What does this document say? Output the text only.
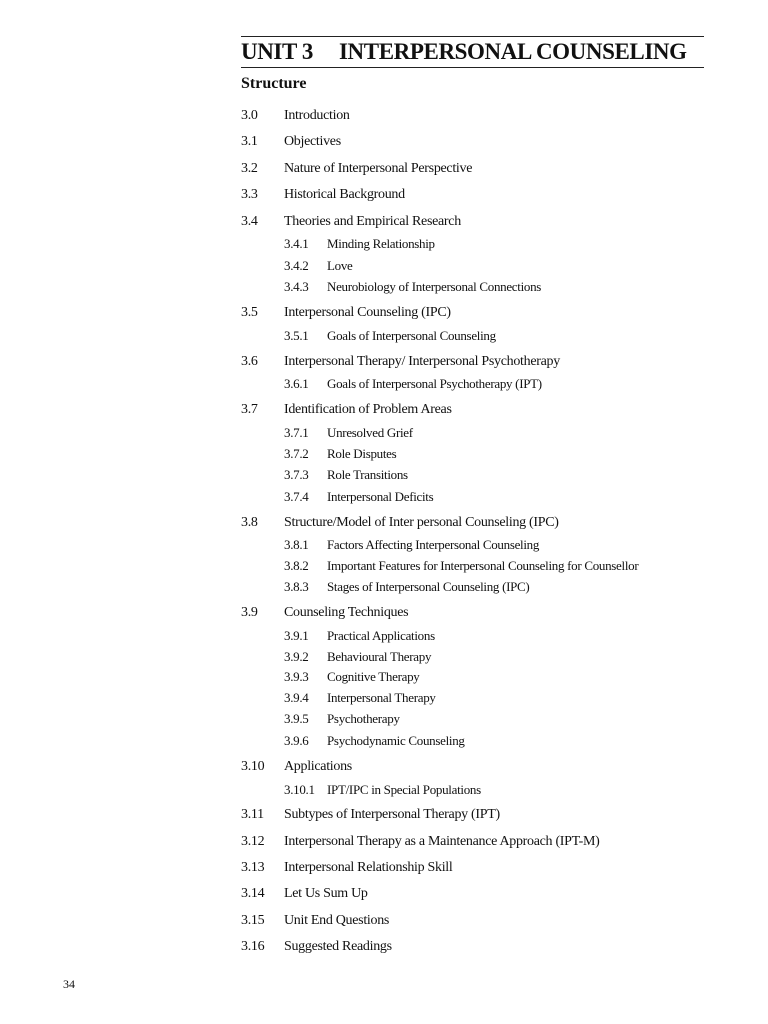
UNIT 3 INTERPERSONAL COUNSELING
Structure
3.0 Introduction
3.1 Objectives
3.2 Nature of Interpersonal Perspective
3.3 Historical Background
3.4 Theories and Empirical Research
3.4.1 Minding Relationship
3.4.2 Love
3.4.3 Neurobiology of Interpersonal Connections
3.5 Interpersonal Counseling (IPC)
3.5.1 Goals of Interpersonal Counseling
3.6 Interpersonal Therapy/ Interpersonal Psychotherapy
3.6.1 Goals of Interpersonal Psychotherapy (IPT)
3.7 Identification of Problem Areas
3.7.1 Unresolved Grief
3.7.2 Role Disputes
3.7.3 Role Transitions
3.7.4 Interpersonal Deficits
3.8 Structure/Model of Inter personal Counseling (IPC)
3.8.1 Factors Affecting Interpersonal Counseling
3.8.2 Important Features for Interpersonal Counseling for Counsellor
3.8.3 Stages of Interpersonal Counseling (IPC)
3.9 Counseling Techniques
3.9.1 Practical Applications
3.9.2 Behavioural Therapy
3.9.3 Cognitive Therapy
3.9.4 Interpersonal Therapy
3.9.5 Psychotherapy
3.9.6 Psychodynamic Counseling
3.10 Applications
3.10.1 IPT/IPC in Special Populations
3.11 Subtypes of Interpersonal Therapy (IPT)
3.12 Interpersonal Therapy as a Maintenance Approach (IPT-M)
3.13 Interpersonal Relationship Skill
3.14 Let Us Sum Up
3.15 Unit End Questions
3.16 Suggested Readings
34
